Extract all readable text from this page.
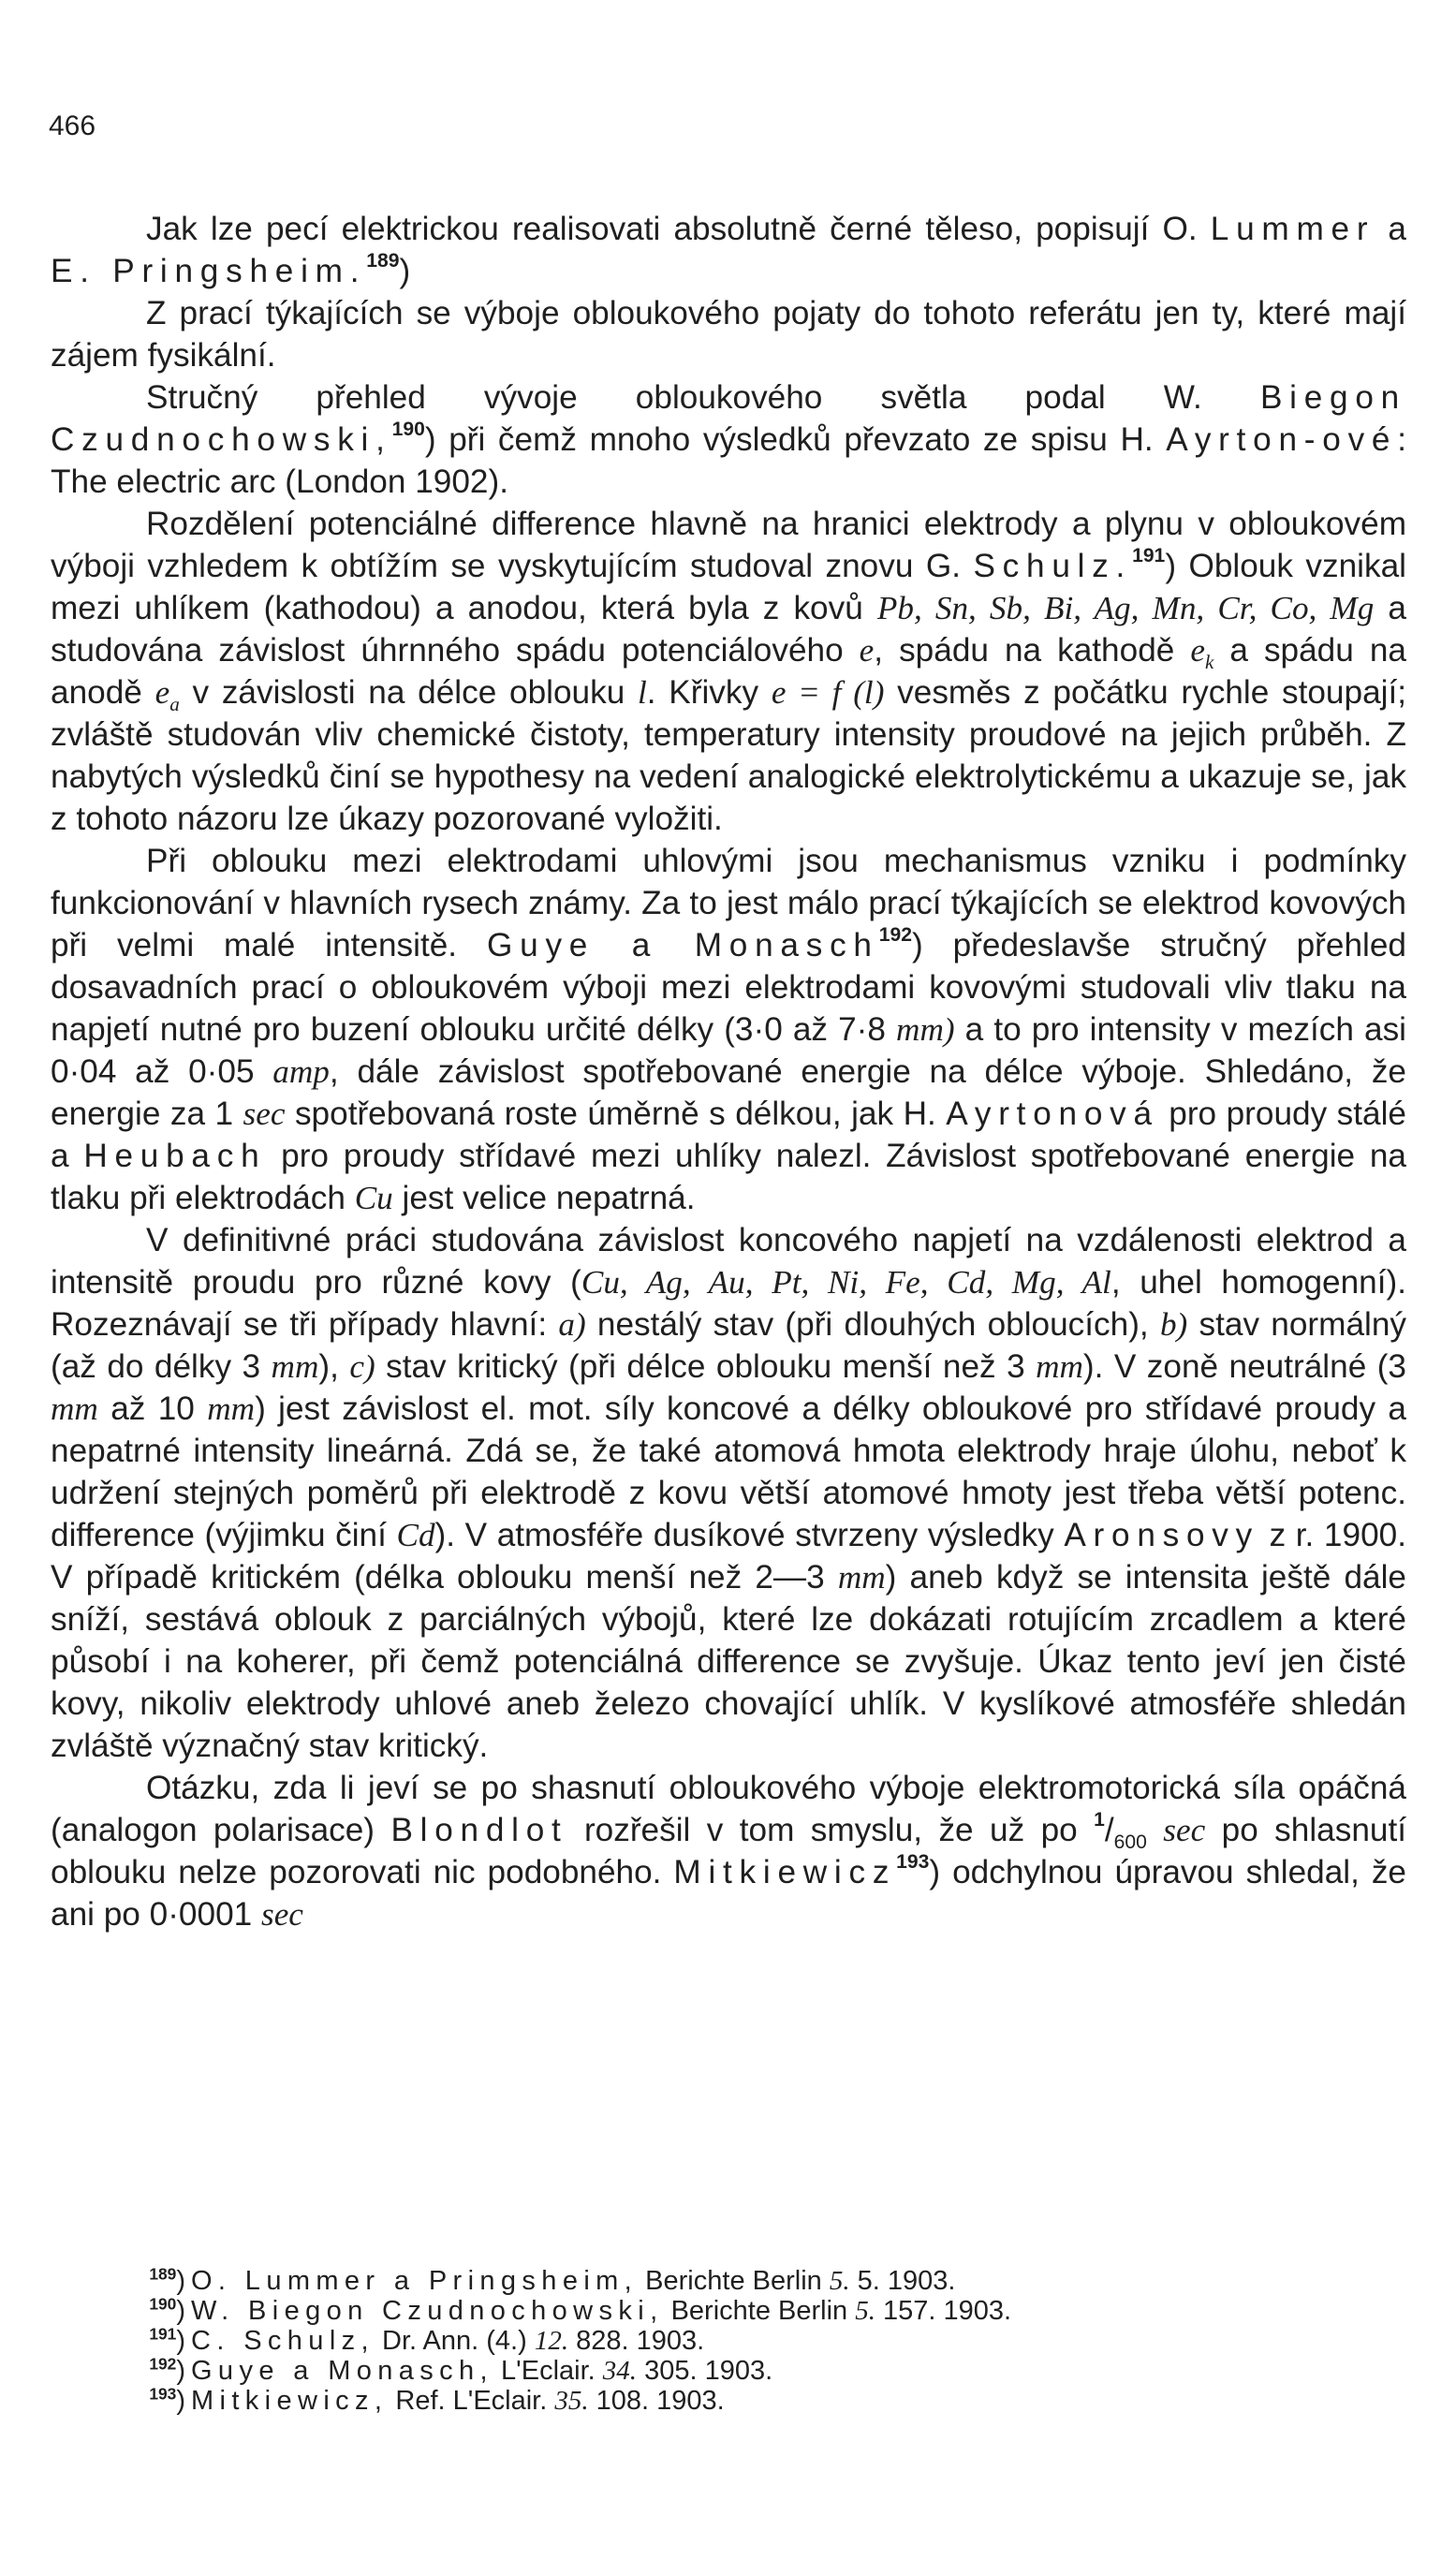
466

Jak lze pecí elektrickou realisovati absolutně černé těleso, popisují O. Lummer a E. Pringsheim.$^{189}$)

Z prací týkajících se výboje obloukového pojaty do tohoto referátu jen ty, které mají zájem fysikální.

Stručný přehled vývoje obloukového světla podal W. Biegon Czudnochowski,$^{190}$) při čemž mnoho výsledků převzato ze spisu H. Ayrton-ové: The electric arc (London 1902).

Rozdělení potenciálné difference hlavně na hranici elektrody a plynu v obloukovém výboji vzhledem k obtížím se vyskytujícím studoval znovu G. Schulz.$^{191}$) Oblouk vznikal mezi uhlíkem (kathodou) a anodou, která byla z kovů Pb, Sn, Sb, Bi, Ag, Mn, Cr, Co, Mg a studována závislost úhrnného spádu potenciálového e, spádu na kathodě $e_k$ a spádu na anodě $e_a$ v závislosti na délce oblouku l. Křivky e = f (l) vesměs z počátku rychle stoupají; zvláště studován vliv chemické čistoty, temperatury intensity proudové na jejich průběh. Z nabytých výsledků činí se hypothesy na vedení analogické elektrolytickému a ukazuje se, jak z tohoto názoru lze úkazy pozorované vyložiti.

Při oblouku mezi elektrodami uhlovými jsou mechanismus vzniku i podmínky funkcionování v hlavních rysech známy. Za to jest málo prací týkajících se elektrod kovových při velmi malé intensitě. Guye a Monasch$^{192}$) předeslavše stručný přehled dosavadních prací o obloukovém výboji mezi elektrodami kovovými studovali vliv tlaku na napjetí nutné pro buzení oblouku určité délky (3·0 až 7·8 mm) a to pro intensity v mezích asi 0·04 až 0·05 amp, dále závislost spotřebované energie na délce výboje. Shledáno, že energie za 1 sec spotřebovaná roste úměrně s délkou, jak H. Ayrtonová pro proudy stálé a Heubach pro proudy střídavé mezi uhlíky nalezl. Závislost spotřebované energie na tlaku při elektrodách Cu jest velice nepatrná.

V definitivné práci studována závislost koncového napjetí na vzdálenosti elektrod a intensitě proudu pro různé kovy (Cu, Ag, Au, Pt, Ni, Fe, Cd, Mg, Al, uhel homogenní). Rozeznávají se tři případy hlavní: a) nestálý stav (při dlouhých obloucích), b) stav normálný (až do délky 3 mm), c) stav kritický (při délce oblouku menší než 3 mm). V zoně neutrálné (3 mm až 10 mm) jest závislost el. mot. síly koncové a délky obloukové pro střídavé proudy a nepatrné intensity lineárná. Zdá se, že také atomová hmota elektrody hraje úlohu, neboť k udržení stejných poměrů při elektrodě z kovu větší atomové hmoty jest třeba větší potenc. difference (výjimku činí Cd). V atmosféře dusíkové stvrzeny výsledky Aronsovy z r. 1900. V případě kritickém (délka oblouku menší než 2—3 mm) aneb když se intensita ještě dále sníží, sestává oblouk z parciálných výbojů, které lze dokázati rotujícím zrcadlem a které působí i na koherer, při čemž potenciálná difference se zvyšuje. Úkaz tento jeví jen čisté kovy, nikoliv elektrody uhlové aneb železo chovající uhlík. V kyslíkové atmosféře shledán zvláště význačný stav kritický.

Otázku, zda li jeví se po shasnutí obloukového výboje elektromotorická síla opáčná (analogon polarisace) Blondlot rozřešil v tom smyslu, že už po $^1/_{600}$ sec po shlasnutí oblouku nelze pozorovati nic podobného. Mitkiewicz$^{193}$) odchylnou úpravou shledal, že ani po 0·0001 sec

$^{189}$) O. Lummer a Pringsheim, Berichte Berlin 5. 5. 1903.

$^{190}$) W. Biegon Czudnochowski, Berichte Berlin 5. 157. 1903.

$^{191}$) C. Schulz, Dr. Ann. (4.) 12. 828. 1903.

$^{192}$) Guye a Monasch, L'Eclair. 34. 305. 1903.

$^{193}$) Mitkiewicz, Ref. L'Eclair. 35. 108. 1903.
